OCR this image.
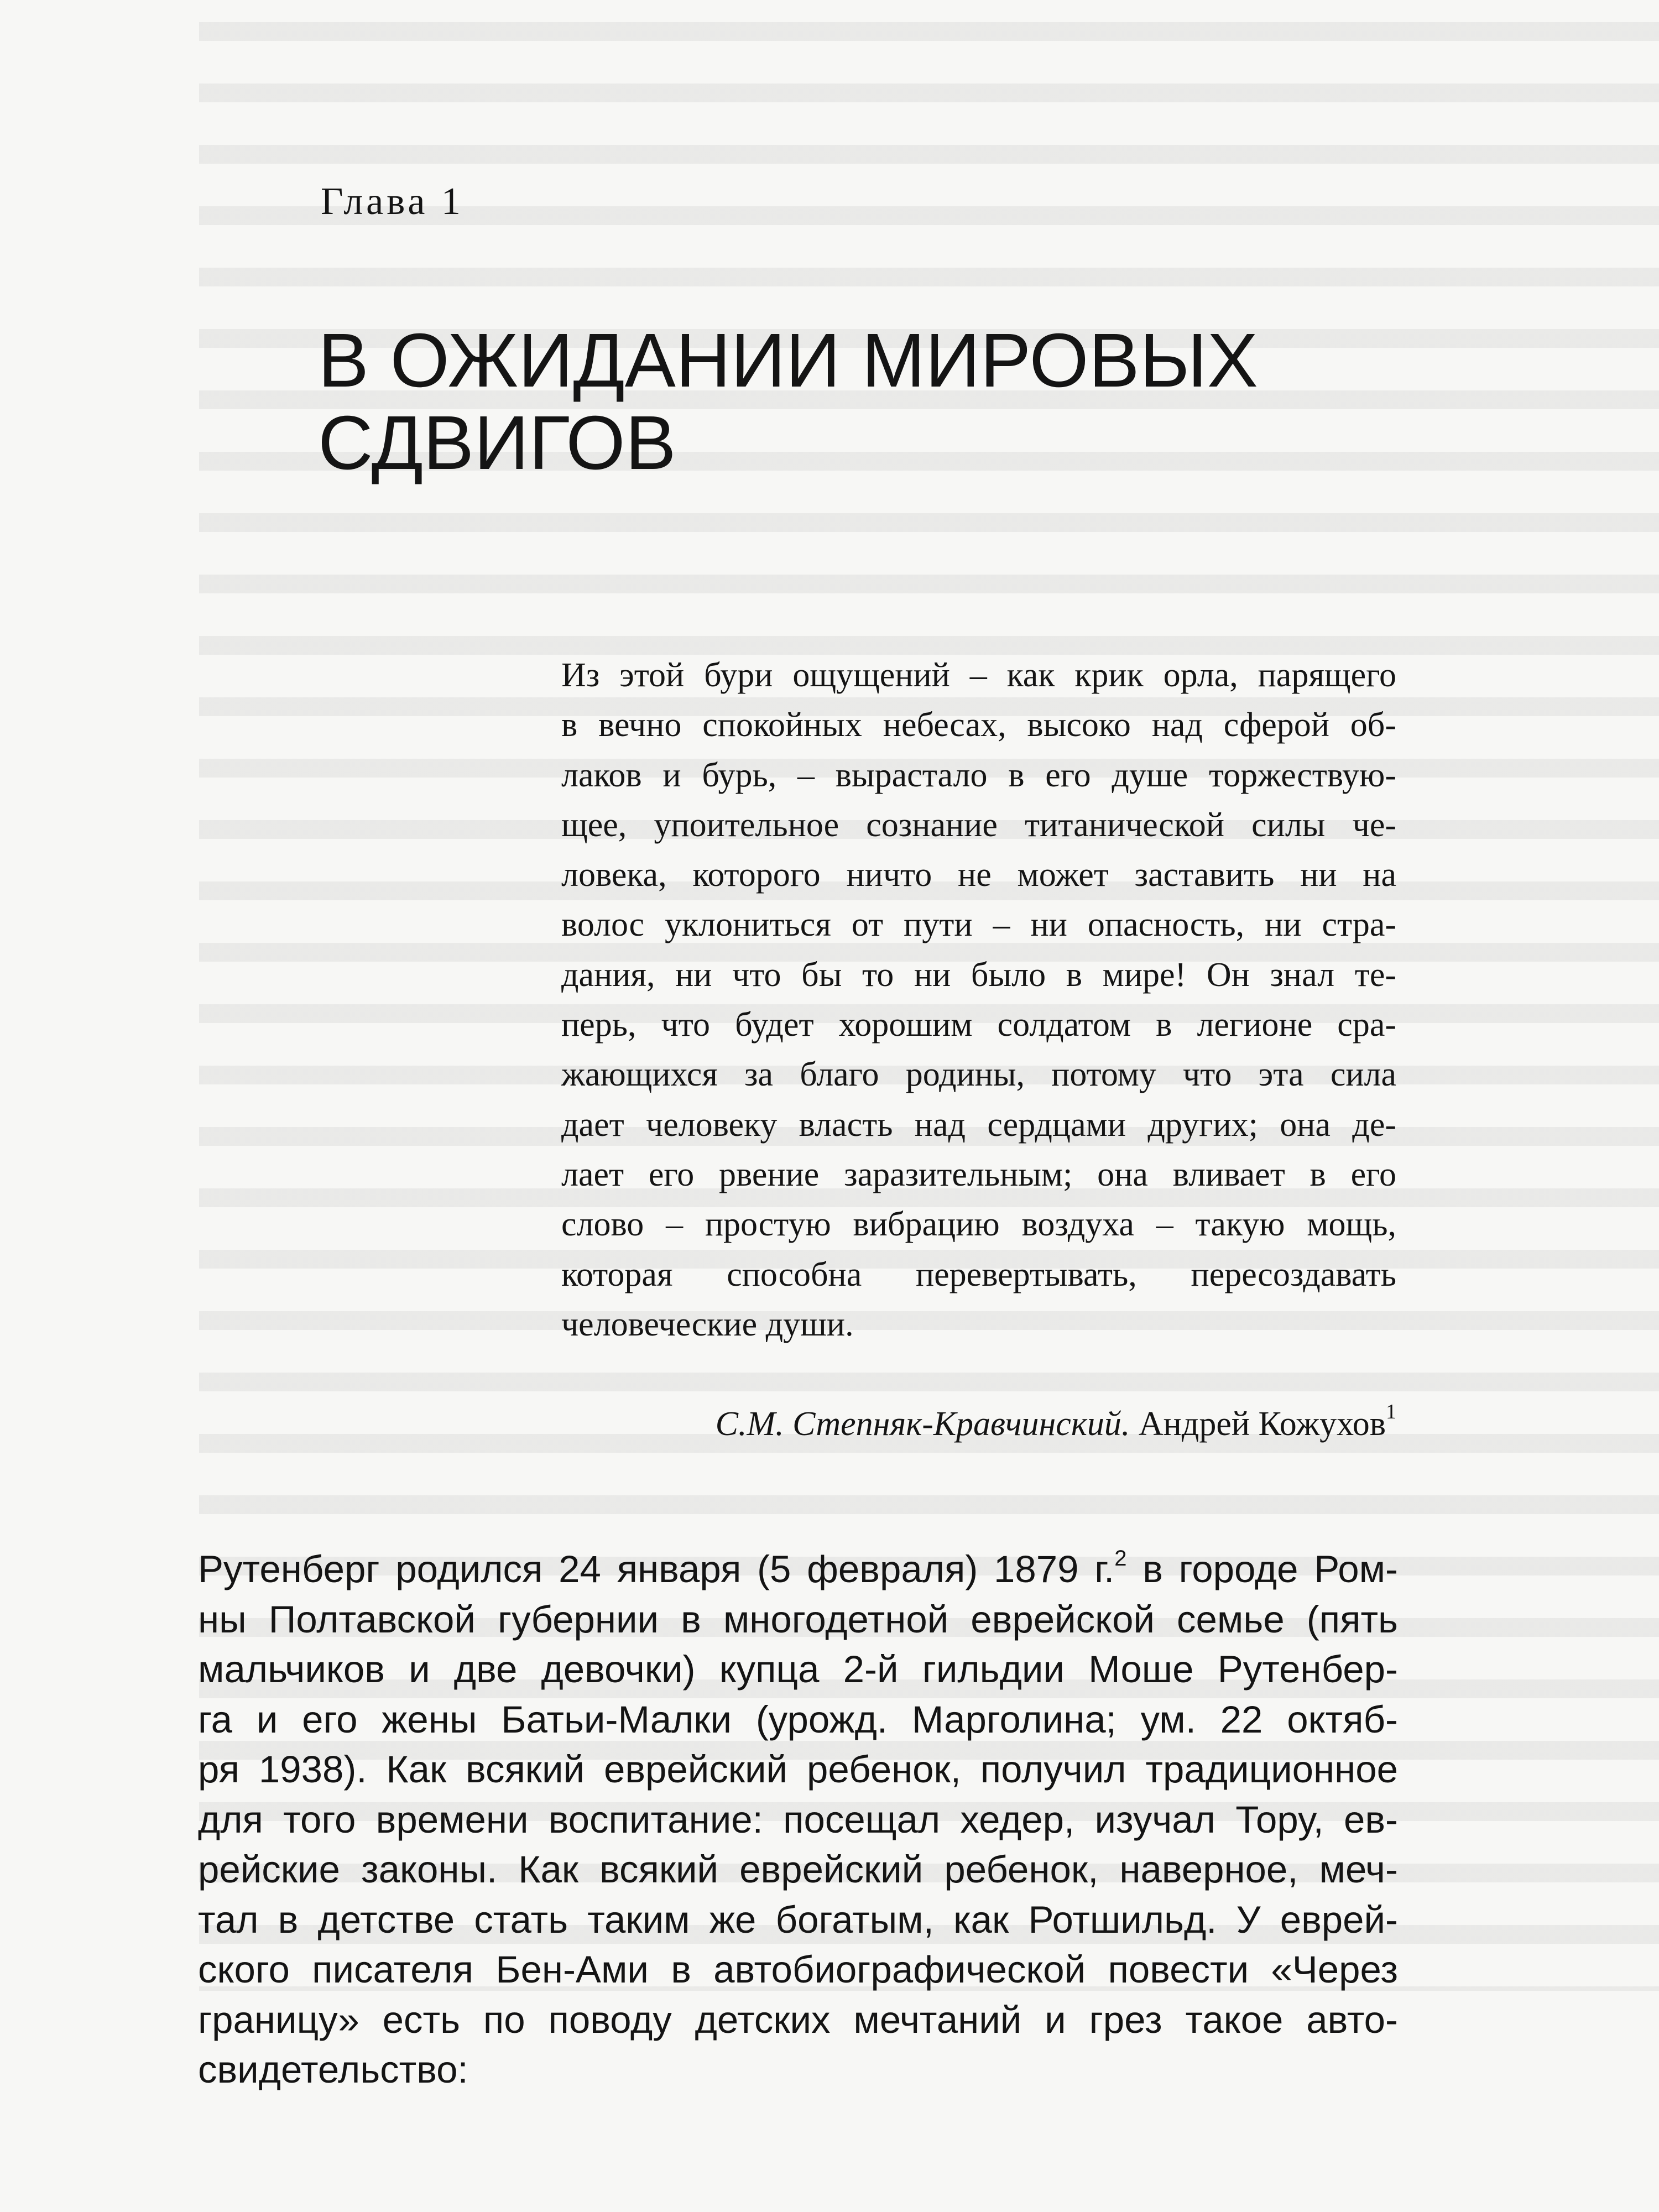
Глава 1
В ОЖИДАНИИ МИРОВЫХ
СДВИГОВ
Из этой бури ощущений – как крик орла, парящего
в вечно спокойных небесах, высоко над сферой об-
лаков и бурь, – вырастало в его душе торжествую-
щее, упоительное сознание титанической силы че-
ловека, которого ничто не может заставить ни на
волос уклониться от пути – ни опасность, ни стра-
дания, ни что бы то ни было в мире! Он знал те-
перь, что будет хорошим солдатом в легионе сра-
жающихся за благо родины, потому что эта сила
дает человеку власть над сердцами других; она де-
лает его рвение заразительным; она вливает в его
слово – простую вибрацию воздуха – такую мощь,
которая способна перевертывать, пересоздавать
человеческие души.
С.М. Степняк-Кравчинский. Андрей Кожухов$^1$
Рутенберг родился 24 января (5 февраля) 1879 г.$^2$ в городе Ром-
ны Полтавской губернии в многодетной еврейской семье (пять
мальчиков и две девочки) купца 2-й гильдии Моше Рутенбер-
га и его жены Батьи-Малки (урожд. Марголина; ум. 22 октяб-
ря 1938). Как всякий еврейский ребенок, получил традиционное
для того времени воспитание: посещал хедер, изучал Тору, ев-
рейские законы. Как всякий еврейский ребенок, наверное, меч-
тал в детстве стать таким же богатым, как Ротшильд. У еврей-
ского писателя Бен-Ами в автобиографической повести «Через
границу» есть по поводу детских мечтаний и грез такое авто-
свидетельство:
